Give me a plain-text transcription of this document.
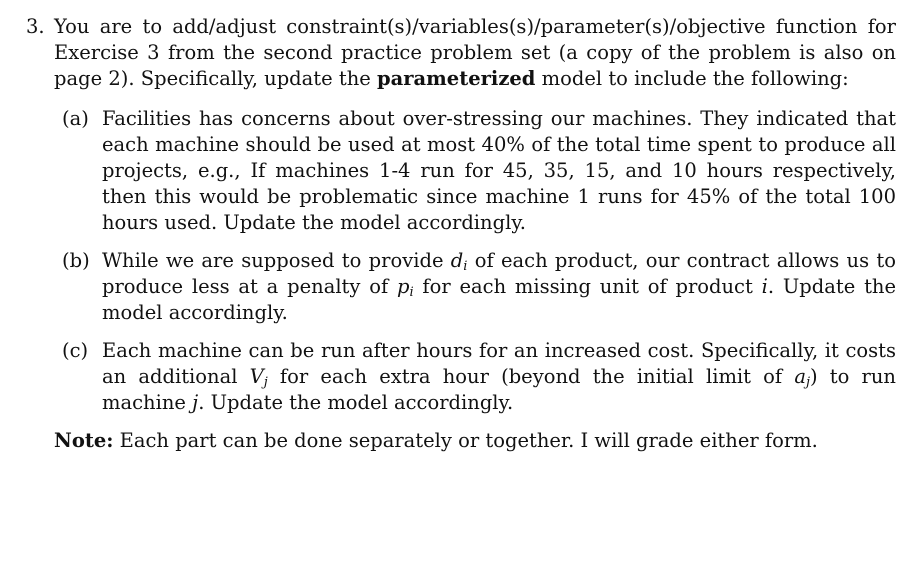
3. You are to add/adjust constraint(s)/variables(s)/parameter(s)/objective function for Exercise 3 from the second practice problem set (a copy of the problem is also on page 2). Specifically, update the parameterized model to include the following:
(a) Facilities has concerns about over-stressing our machines. They indicated that each machine should be used at most 40% of the total time spent to produce all projects, e.g., If machines 1-4 run for 45, 35, 15, and 10 hours respectively, then this would be problematic since machine 1 runs for 45% of the total 100 hours used. Update the model accordingly.
(b) While we are supposed to provide $d_i$ of each product, our contract allows us to produce less at a penalty of $p_i$ for each missing unit of product i. Update the model accordingly.
(c) Each machine can be run after hours for an increased cost. Specifically, it costs an additional $V_j$ for each extra hour (beyond the initial limit of $a_j$) to run machine j. Update the model accordingly.
Note: Each part can be done separately or together. I will grade either form.
